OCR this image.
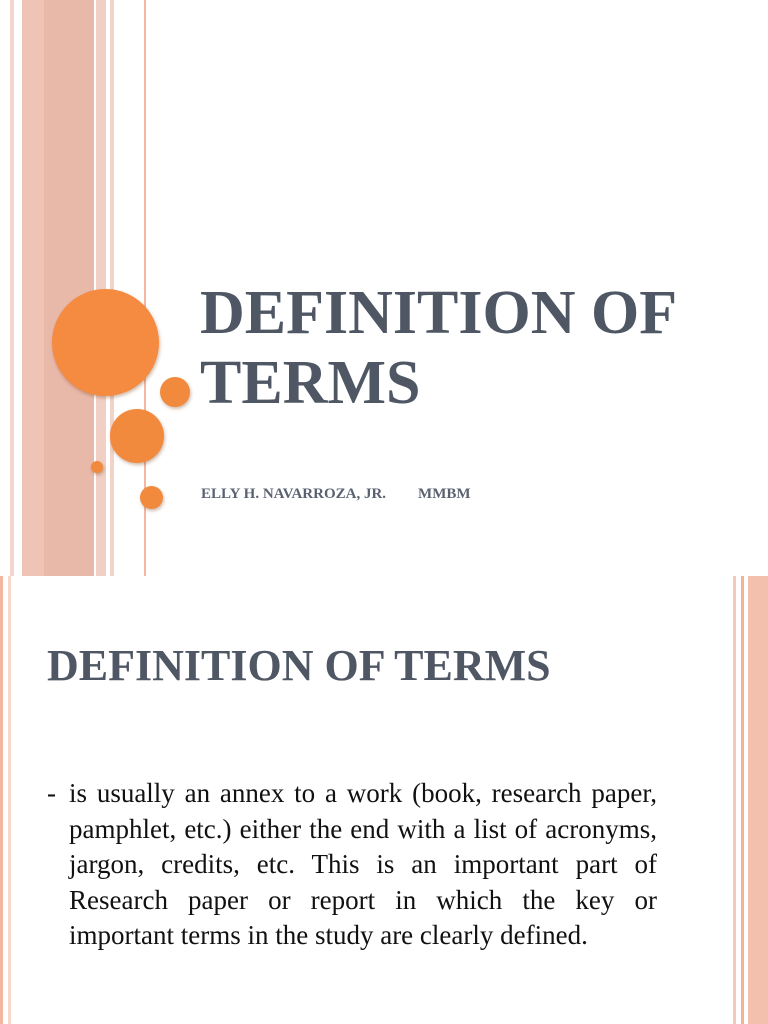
DEFINITION OF TERMS
ELLY H. NAVARROZA, JR. MMBM
DEFINITION OF TERMS

- is usually an annex to a work (book, research paper, pamphlet, etc.) either the end with a list of acronyms, jargon, credits, etc. This is an important part of Research paper or report in which the key or important terms in the study are clearly defined.
